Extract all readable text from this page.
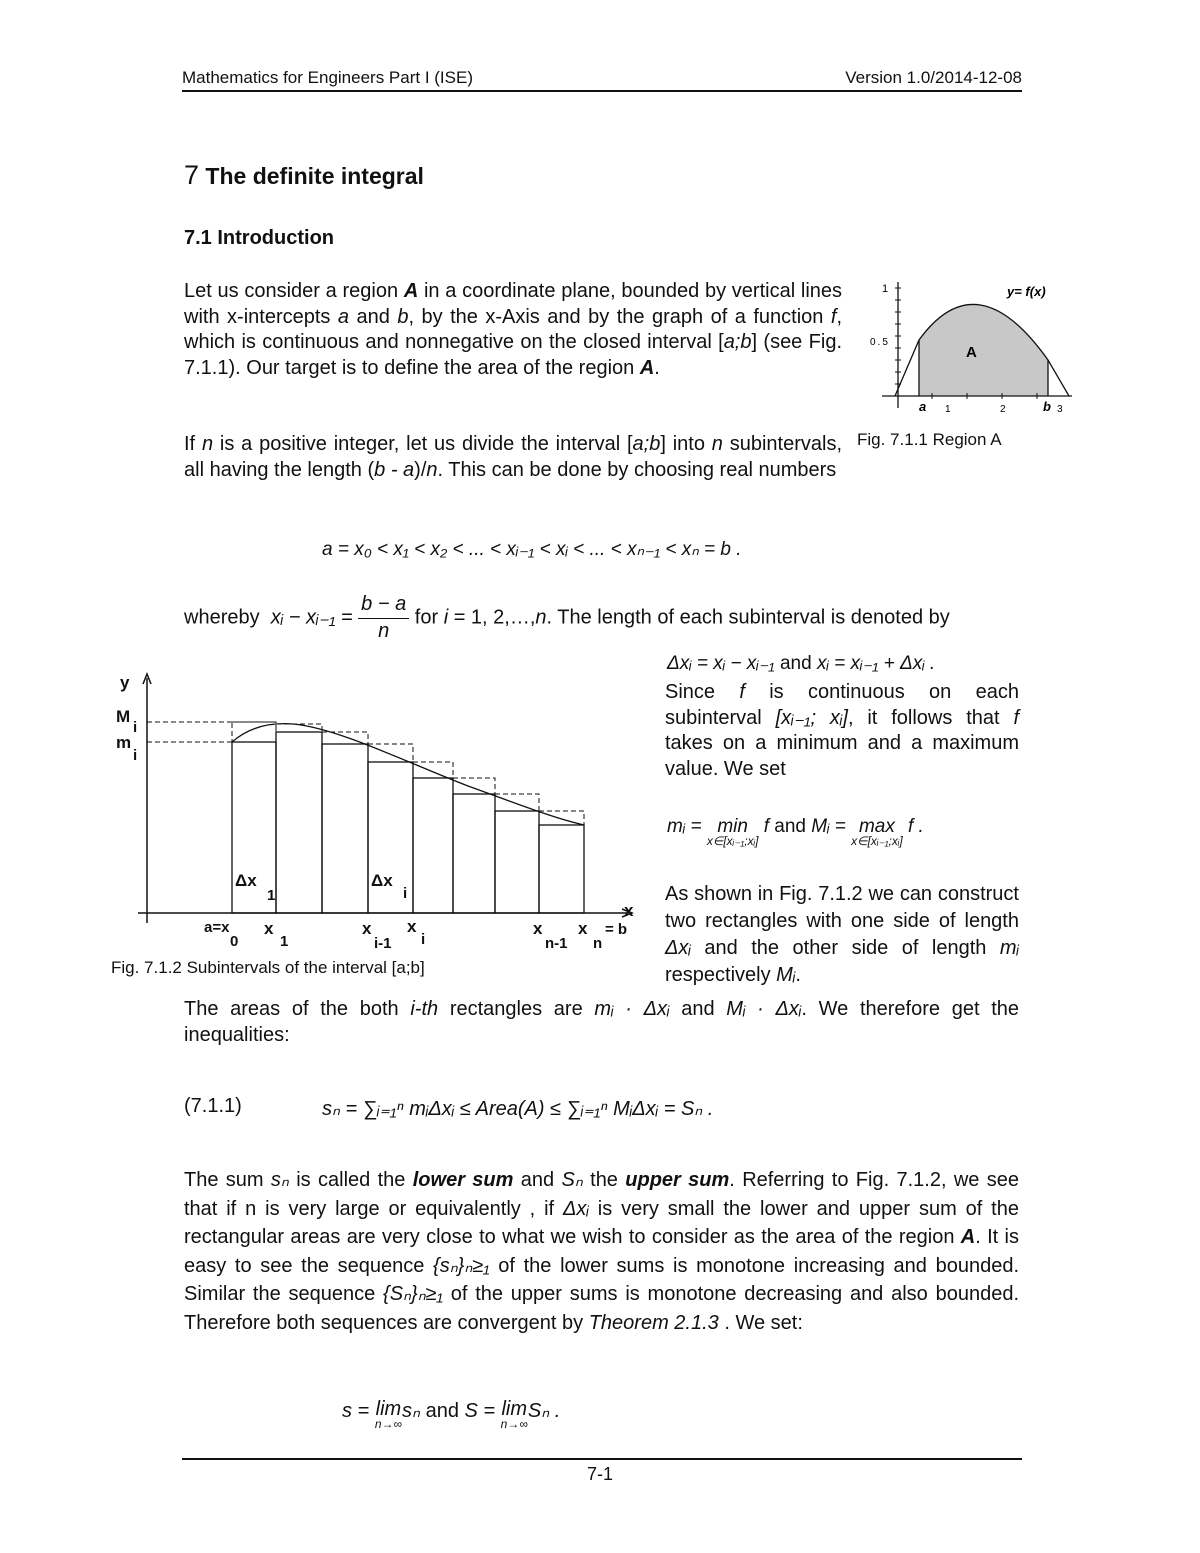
Mathematics for Engineers Part I (ISE)	Version 1.0/2014-12-08
7 The definite integral
7.1 Introduction
Let us consider a region A in a coordinate plane, bounded by vertical lines with x-intercepts a and b, by the x-Axis and by the graph of a function f, which is continuous and nonnegative on the closed interval [a;b] (see Fig. 7.1.1). Our target is to define the area of the region A.
If n is a positive integer, let us divide the interval [a;b] into n subintervals, all having the length (b - a)/n. This can be done by choosing real numbers
1
0.5
a 1	2	b 3
A
y= f(x)
Fig. 7.1.1 Region A
a = x₀ < x₁ < x₂ < ... < xᵢ₋₁ < xᵢ < ... < xₙ₋₁ < xₙ = b .
whereby xᵢ − xᵢ₋₁ = $\frac{b - a}{n}$ for i = 1, 2,…,n. The length of each subinterval is denoted by
y
x
M
i
m
i
Δx
1
Δx
i
a=x
0
x
1
x
i-1
x
i
x
n-1
x
n
= b
Fig. 7.1.2 Subintervals of the interval [a;b]
Δxᵢ = xᵢ − xᵢ₋₁ and xᵢ = xᵢ₋₁ + Δxᵢ .
Since f is continuous on each subinterval [xᵢ₋₁; xᵢ], it follows that f takes on a minimum and a maximum value. We set
mᵢ = min
x∈[xᵢ₋₁;xᵢ]
f and Mᵢ = max
x∈[xᵢ₋₁;xᵢ]
f .
As shown in Fig. 7.1.2 we can construct two rectangles with one side of length Δxᵢ and the other side of length mᵢ respectively Mᵢ.
The areas of the both i-th rectangles are mᵢ · Δxᵢ and Mᵢ · Δxᵢ. We therefore get the inequalities:
(7.1.1)	sₙ = ∑ᵢ₌₁ⁿ mᵢΔxᵢ ≤ Area(A) ≤ ∑ᵢ₌₁ⁿ MᵢΔxᵢ = Sₙ .
The sum sₙ is called the lower sum and Sₙ the upper sum. Referring to Fig. 7.1.2, we see that if n is very large or equivalently , if Δxᵢ is very small the lower and upper sum of the rectangular areas are very close to what we wish to consider as the area of the region A. It is easy to see the sequence {sₙ}ₙ≥₁ of the lower sums is monotone increasing and bounded. Similar the sequence {Sₙ}ₙ≥₁ of the upper sums is monotone decreasing and also bounded. Therefore both sequences are convergent by Theorem 2.1.3 . We set:
s = lim
n→∞
sₙ and S = lim
n→∞
Sₙ .
7-1
